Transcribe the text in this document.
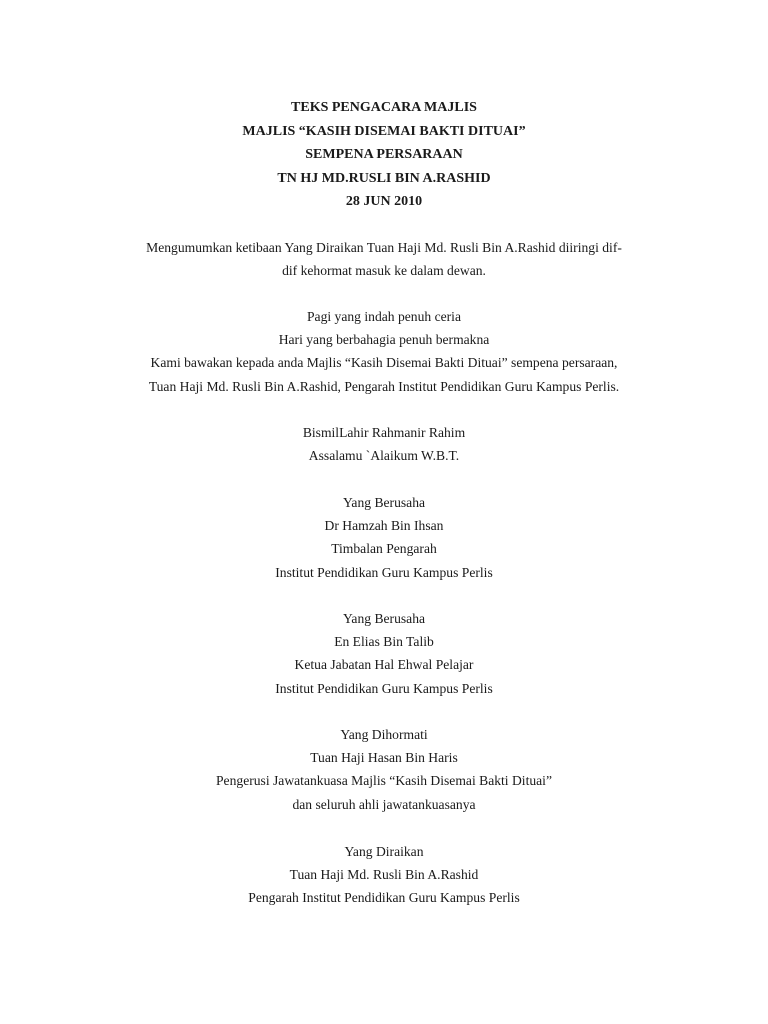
TEKS PENGACARA MAJLIS
MAJLIS “KASIH DISEMAI BAKTI DITUAI”
SEMPENA PERSARAAN
TN HJ MD.RUSLI BIN A.RASHID
28 JUN 2010
Mengumumkan ketibaan Yang Diraikan Tuan Haji Md. Rusli Bin A.Rashid diiringi dif-
dif kehormat masuk ke dalam dewan.
Pagi yang indah penuh ceria
Hari yang berbahagia penuh bermakna
Kami bawakan kepada anda Majlis “Kasih Disemai Bakti Dituai” sempena persaraan,
Tuan Haji Md. Rusli Bin A.Rashid, Pengarah Institut Pendidikan Guru Kampus Perlis.
BismilLahir Rahmanir Rahim
Assalamu `Alaikum W.B.T.
Yang Berusaha
Dr Hamzah Bin Ihsan
Timbalan Pengarah
Institut Pendidikan Guru Kampus Perlis
Yang Berusaha
En Elias Bin Talib
Ketua Jabatan Hal Ehwal Pelajar
Institut Pendidikan Guru Kampus Perlis
Yang Dihormati
Tuan Haji Hasan Bin Haris
Pengerusi Jawatankuasa Majlis “Kasih Disemai Bakti Dituai”
dan seluruh ahli jawatankuasanya
Yang Diraikan
Tuan Haji Md. Rusli Bin A.Rashid
Pengarah Institut Pendidikan Guru Kampus Perlis
